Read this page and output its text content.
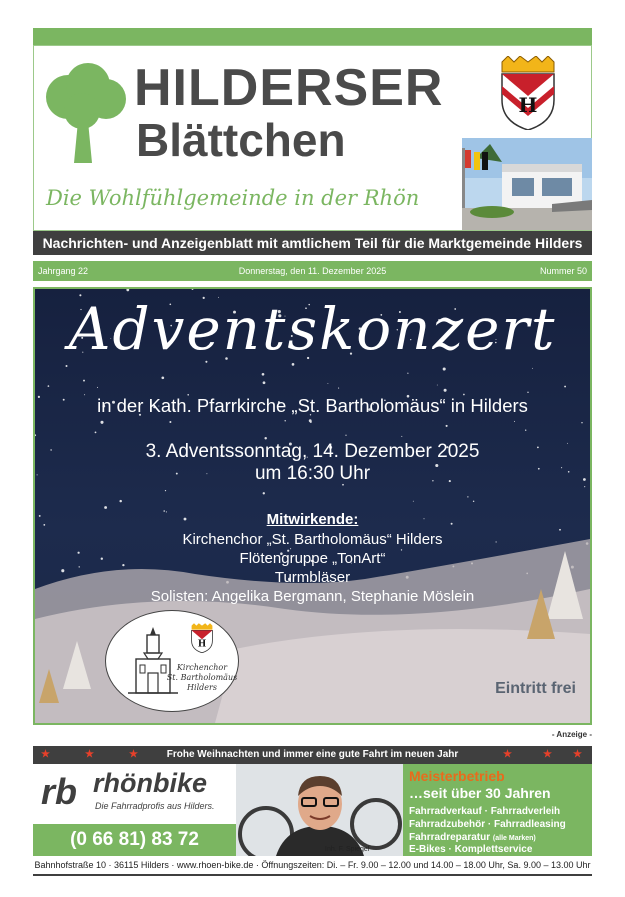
HILDERSER
Blättchen
Die Wohlfühlgemeinde in der Rhön
H
Nachrichten- und Anzeigenblatt mit amtlichem Teil für die Marktgemeinde Hilders
Donnerstag, den 11. Dezember 2025
Jahrgang 22	Nummer 50
Adventskonzert
in der Kath. Pfarrkirche „St. Bartholomäus“ in Hilders
3. Adventssonntag, 14. Dezember 2025
um 16:30 Uhr
Mitwirkende:
Kirchenchor „St. Bartholomäus“ Hilders
Flötengruppe „TonArt“
Turmbläser
Solisten: Angelika Bergmann, Stephanie Möslein
H
Kirchenchor
St. Bartholomäus
Hilders	Eintritt frei
- Anzeige -
★	★	★	Frohe Weihnachten und immer eine gute Fahrt im neuen Jahr	★	★ ★
rb rhönbike
Die Fahrradprofis aus Hilders.
(0 66 81) 83 72	Inh. F. Spiegel
Meisterbetrieb
…seit über 30 Jahren
Fahrradverkauf · Fahrradverleih
Fahrradzubehör · Fahrradleasing
Fahrradreparatur (alle Marken)
E-Bikes · Komplettservice
Bahnhofstraße 10 · 36115 Hilders · www.rhoen-bike.de · Öffnungszeiten: Di. – Fr. 9.00 – 12.00 und 14.00 – 18.00 Uhr, Sa. 9.00 – 13.00 Uhr
